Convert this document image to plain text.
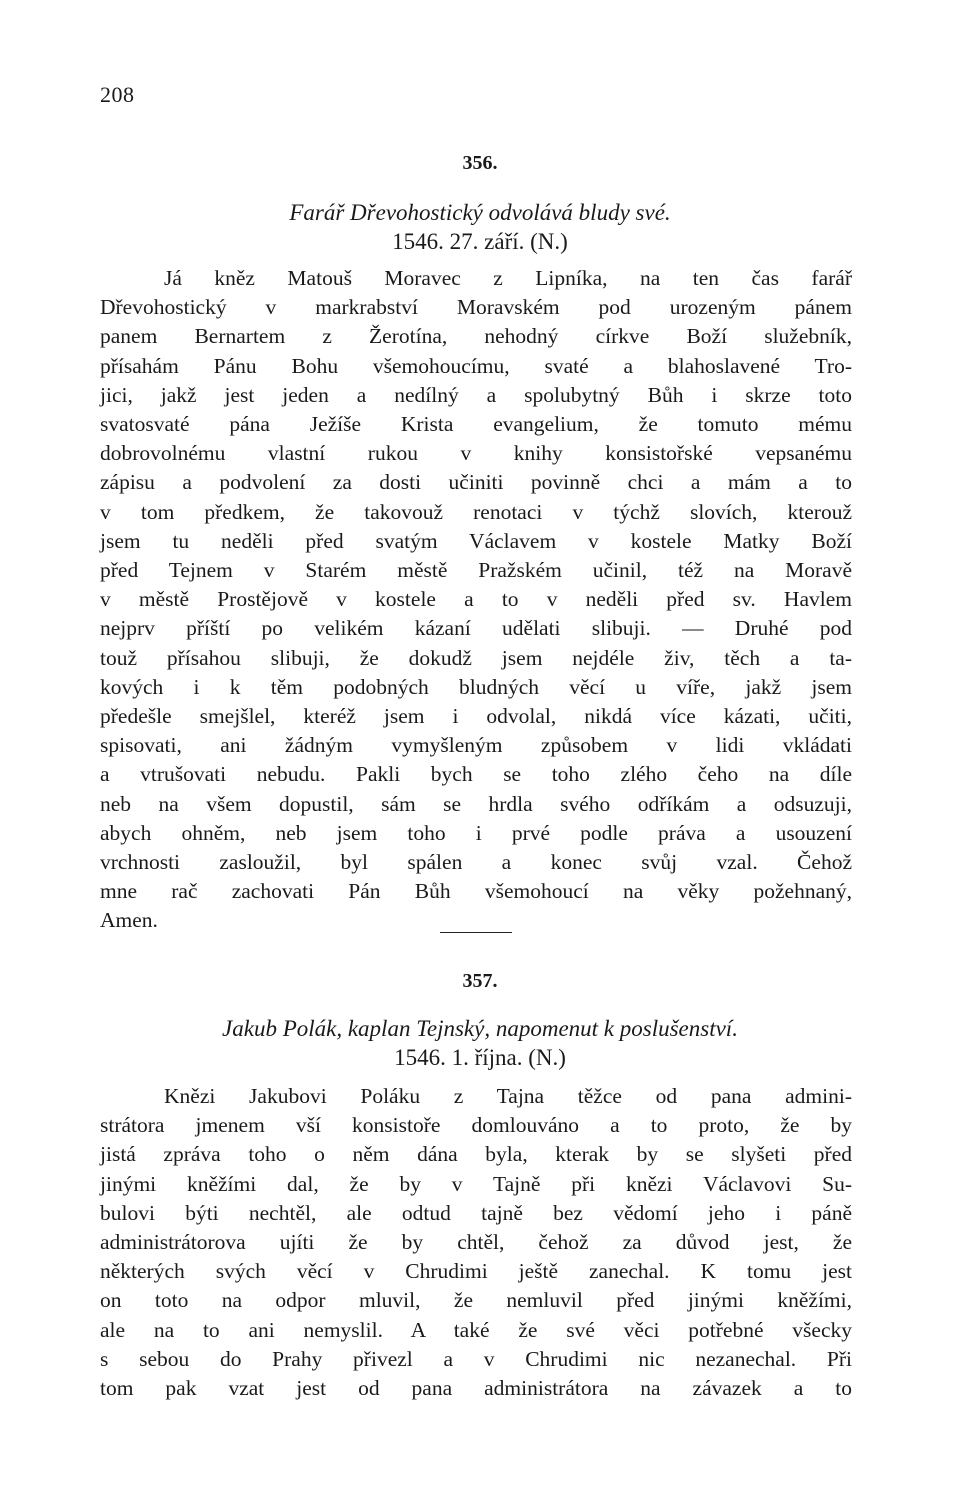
208
356.
Farář Dřevohostický odvolává bludy své.
1546. 27. září. (N.)
Já kněz Matouš Moravec z Lipníka, na ten čas farář
Dřevohostický v markrabství Moravském pod urozeným pánem
panem Bernartem z Žerotína, nehodný církve Boží služebník,
přísahám Pánu Bohu všemohoucímu, svaté a blahoslavené Tro-
jici, jakž jest jeden a nedílný a spolubytný Bůh i skrze toto
svatosvaté pána Ježíše Krista evangelium, že tomuto mému
dobrovolnému vlastní rukou v knihy konsistořské vepsanému
zápisu a podvolení za dosti učiniti povinně chci a mám a to
v tom předkem, že takovouž renotaci v týchž slovích, kterouž
jsem tu neděli před svatým Václavem v kostele Matky Boží
před Tejnem v Starém městě Pražském učinil, též na Moravě
v městě Prostějově v kostele a to v neděli před sv. Havlem
nejprv příští po velikém kázaní udělati slibuji. — Druhé pod
touž přísahou slibuji, že dokudž jsem nejdéle živ, těch a ta-
kových i k těm podobných bludných věcí u víře, jakž jsem
předešle smejšlel, kteréž jsem i odvolal, nikdá více kázati, učiti,
spisovati, ani žádným vymyšleným způsobem v lidi vkládati
a vtrušovati nebudu. Pakli bych se toho zlého čeho na díle
neb na všem dopustil, sám se hrdla svého odříkám a odsuzuji,
abych ohněm, neb jsem toho i prvé podle práva a usouzení
vrchnosti zasloužil, byl spálen a konec svůj vzal. Čehož
mne rač zachovati Pán Bůh všemohoucí na věky požehnaný,
Amen.
357.
Jakub Polák, kaplan Tejnský, napomenut k poslušenství.
1546. 1. října. (N.)
Knězi Jakubovi Poláku z Tajna těžce od pana admini-
strátora jmenem vší konsistoře domlouváno a to proto, že by
jistá zpráva toho o něm dána byla, kterak by se slyšeti před
jinými kněžími dal, že by v Tajně při knězi Václavovi Su-
bulovi býti nechtěl, ale odtud tajně bez vědomí jeho i páně
administrátorova ujíti že by chtěl, čehož za důvod jest, že
některých svých věcí v Chrudimi ještě zanechal. K tomu jest
on toto na odpor mluvil, že nemluvil před jinými kněžími,
ale na to ani nemyslil. A také že své věci potřebné všecky
s sebou do Prahy přivezl a v Chrudimi nic nezanechal. Při
tom pak vzat jest od pana administrátora na závazek a to
